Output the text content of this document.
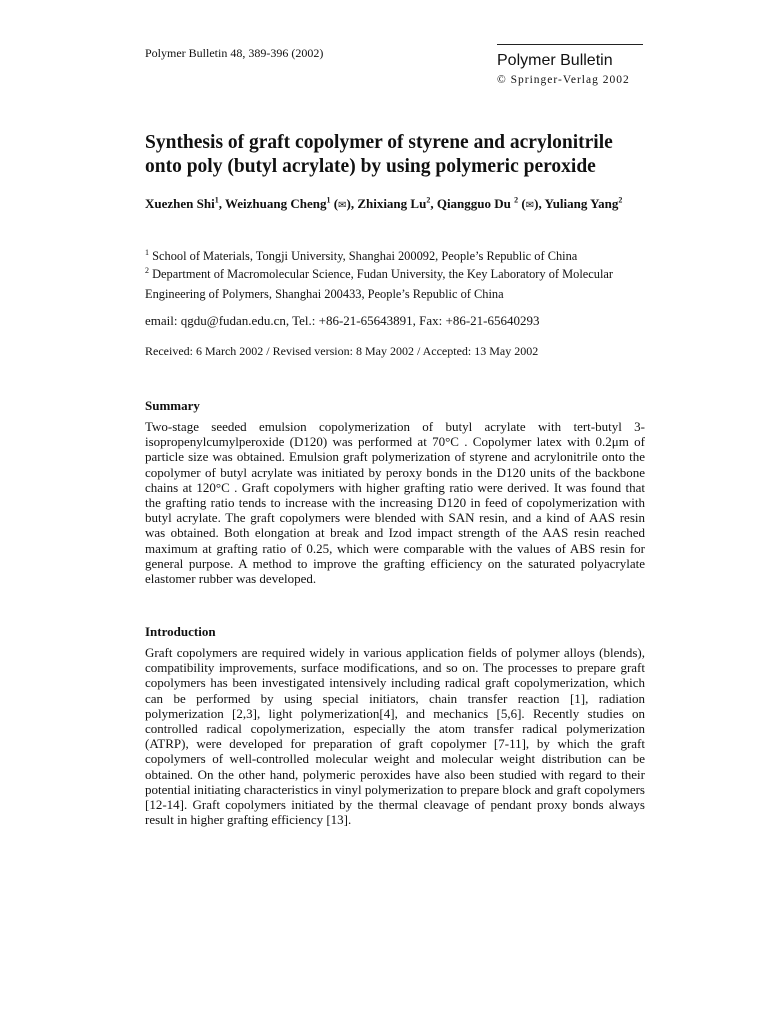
Polymer Bulletin 48, 389-396 (2002)	Polymer Bulletin
© Springer-Verlag 2002
Synthesis of graft copolymer of styrene and acrylonitrile onto poly (butyl acrylate) by using polymeric peroxide
Xuezhen Shi$^1$, Weizhuang Cheng$^1$ (✉), Zhixiang Lu$^2$, Qiangguo Du $^2$ (✉), Yuliang Yang$^2$
$^1$ School of Materials, Tongji University, Shanghai 200092, People’s Republic of China
$^2$ Department of Macromolecular Science, Fudan University, the Key Laboratory of Molecular Engineering of Polymers, Shanghai 200433, People’s Republic of China
email: qgdu@fudan.edu.cn, Tel.: +86-21-65643891, Fax: +86-21-65640293
Received: 6 March 2002 / Revised version: 8 May 2002 / Accepted: 13 May 2002
Summary

Two-stage seeded emulsion copolymerization of butyl acrylate with tert-butyl 3-isopropenylcumylperoxide (D120) was performed at 70°C . Copolymer latex with 0.2μm of particle size was obtained. Emulsion graft polymerization of styrene and acrylonitrile onto the copolymer of butyl acrylate was initiated by peroxy bonds in the D120 units of the backbone chains at 120°C . Graft copolymers with higher grafting ratio were derived. It was found that the grafting ratio tends to increase with the increasing D120 in feed of copolymerization with butyl acrylate. The graft copolymers were blended with SAN resin, and a kind of AAS resin was obtained. Both elongation at break and Izod impact strength of the AAS resin reached maximum at grafting ratio of 0.25, which were comparable with the values of ABS resin for general purpose. A method to improve the grafting efficiency on the saturated polyacrylate elastomer rubber was developed.

Introduction

Graft copolymers are required widely in various application fields of polymer alloys (blends), compatibility improvements, surface modifications, and so on. The processes to prepare graft copolymers has been investigated intensively including radical graft copolymerization, which can be performed by using special initiators, chain transfer reaction [1], radiation polymerization [2,3], light polymerization[4], and mechanics [5,6]. Recently studies on controlled radical copolymerization, especially the atom transfer radical polymerization (ATRP), were developed for preparation of graft copolymer [7-11], by which the graft copolymers of well-controlled molecular weight and molecular weight distribution can be obtained. On the other hand, polymeric peroxides have also been studied with regard to their potential initiating characteristics in vinyl polymerization to prepare block and graft copolymers [12-14]. Graft copolymers initiated by the thermal cleavage of pendant proxy bonds always result in higher grafting efficiency [13].
